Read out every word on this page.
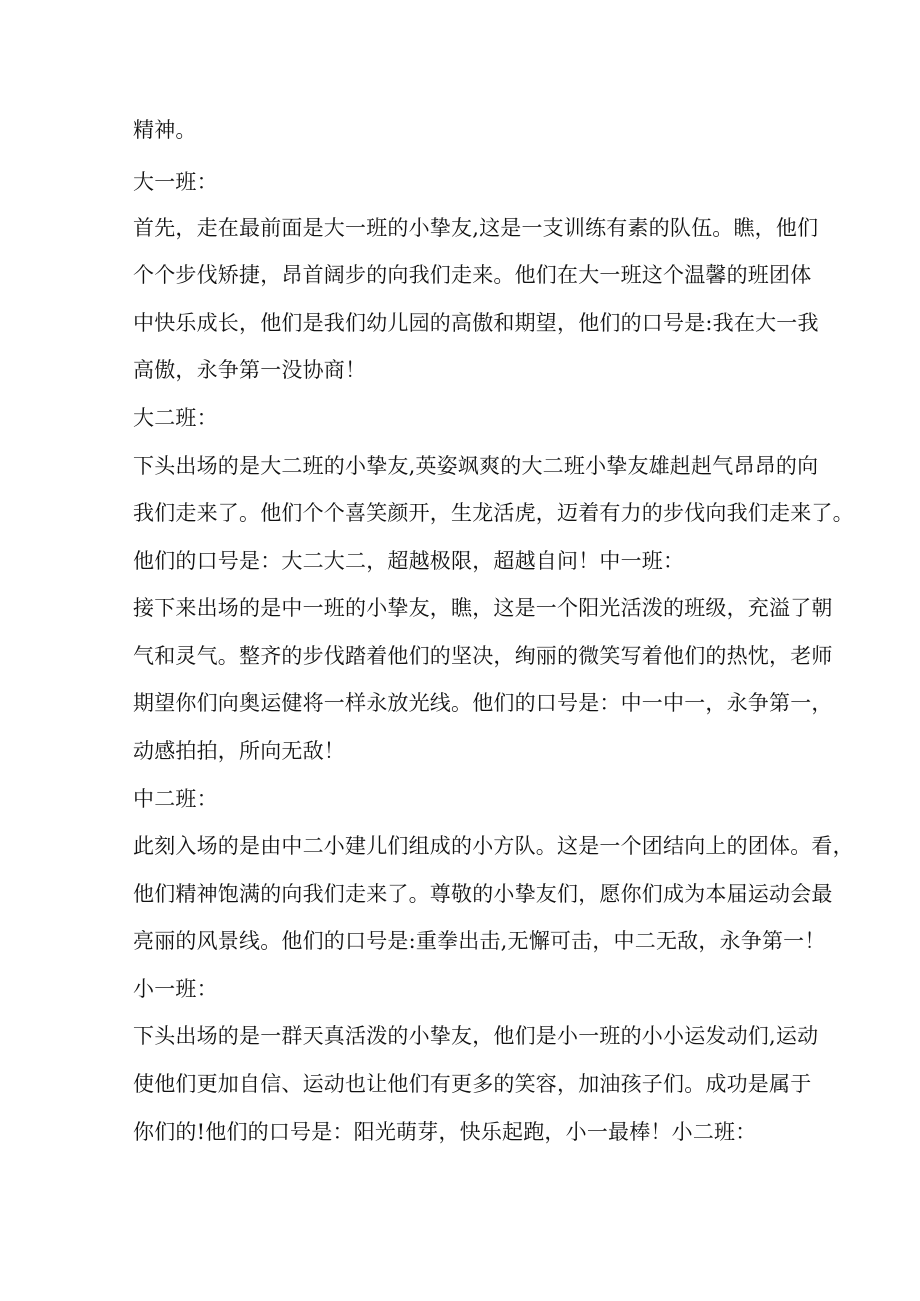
精神。
大一班：
首先，走在最前面是大一班的小挚友,这是一支训练有素的队伍。瞧，他们
个个步伐矫捷，昂首阔步的向我们走来。他们在大一班这个温馨的班团体
中快乐成长，他们是我们幼儿园的高傲和期望，他们的口号是:我在大一我
高傲，永争第一没协商！
大二班：
下头出场的是大二班的小挚友,英姿飒爽的大二班小挚友雄赳赳气昂昂的向
我们走来了。他们个个喜笑颜开，生龙活虎，迈着有力的步伐向我们走来了。
他们的口号是：大二大二，超越极限，超越自问！中一班：
接下来出场的是中一班的小挚友，瞧，这是一个阳光活泼的班级，充溢了朝
气和灵气。整齐的步伐踏着他们的坚决，绚丽的微笑写着他们的热忱，老师
期望你们向奥运健将一样永放光线。他们的口号是：中一中一，永争第一，
动感拍拍，所向无敌！
中二班：
此刻入场的是由中二小建儿们组成的小方队。这是一个团结向上的团体。看，
他们精神饱满的向我们走来了。尊敬的小挚友们，愿你们成为本届运动会最
亮丽的风景线。他们的口号是:重拳出击,无懈可击，中二无敌，永争第一！
小一班：
下头出场的是一群天真活泼的小挚友，他们是小一班的小小运发动们,运动
使他们更加自信、运动也让他们有更多的笑容，加油孩子们。成功是属于
你们的!他们的口号是：阳光萌芽，快乐起跑，小一最棒！小二班：
